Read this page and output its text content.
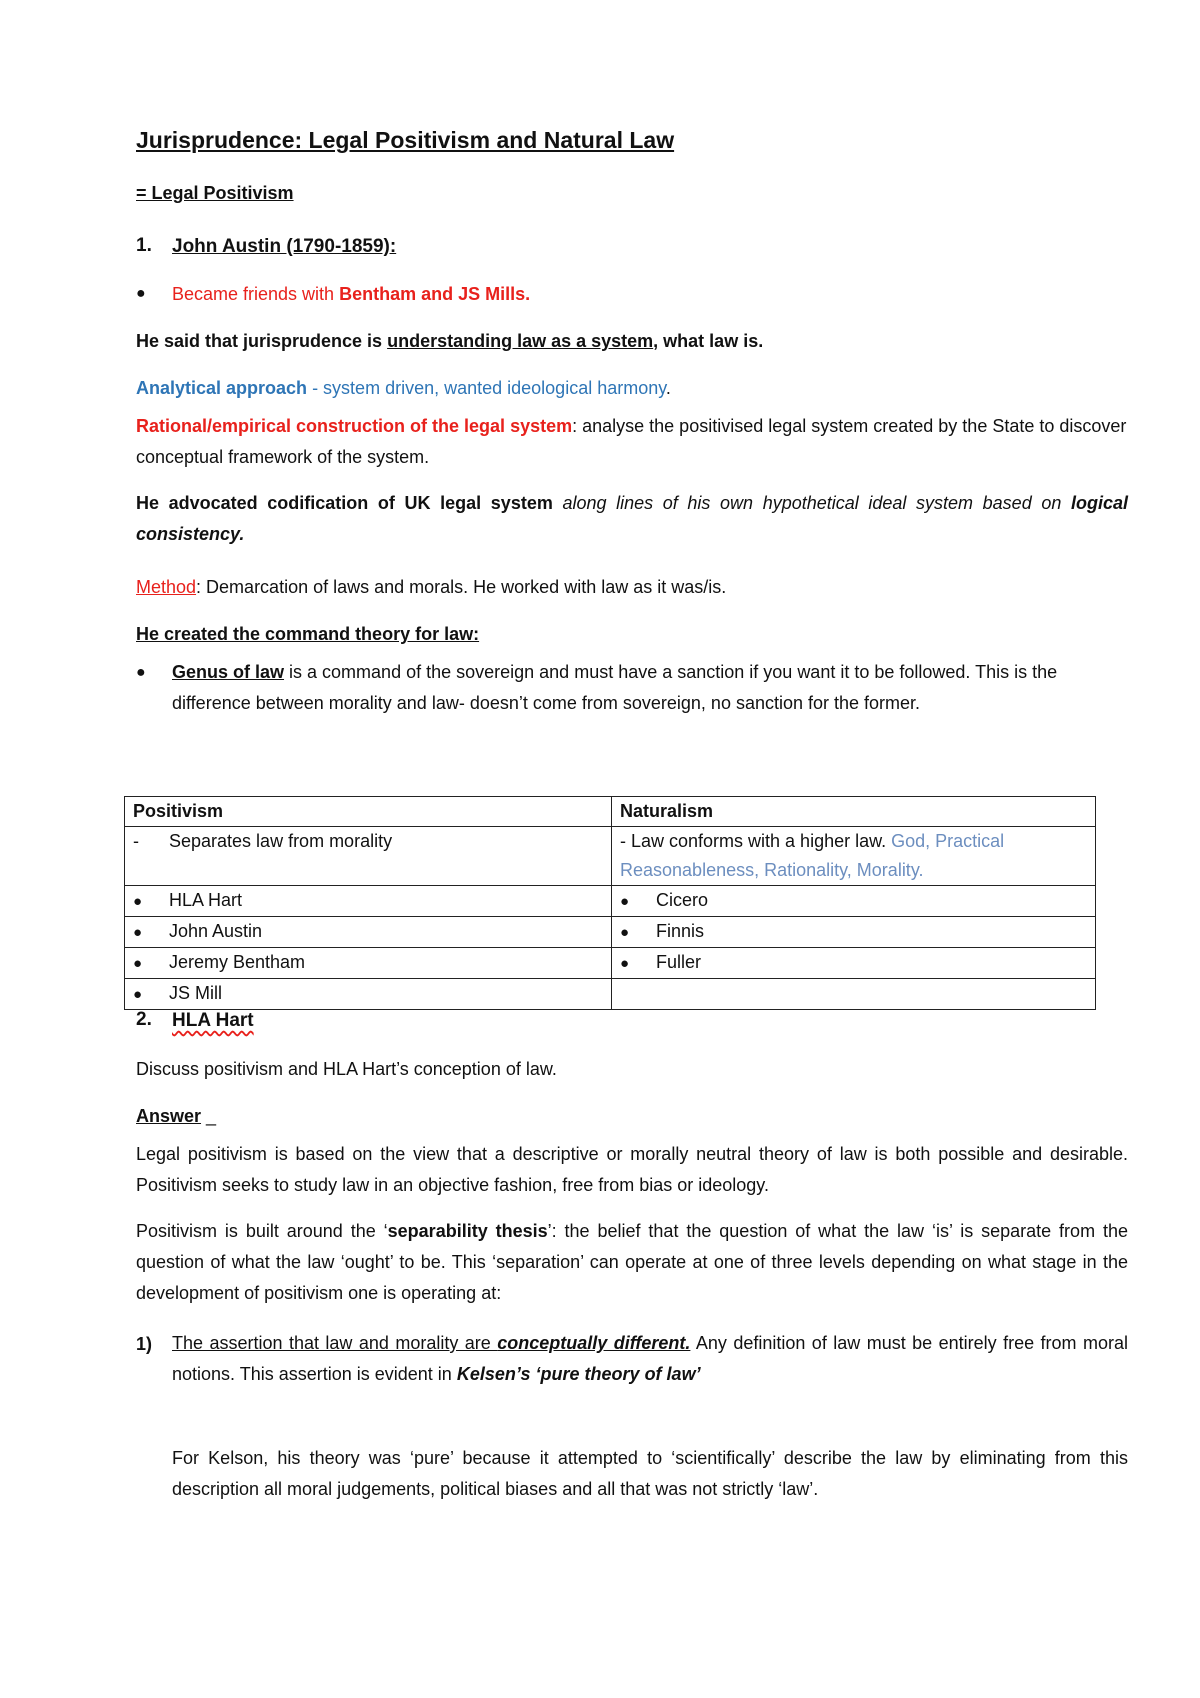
Jurisprudence: Legal Positivism and Natural Law
= Legal Positivism
1. John Austin (1790-1859):
● Became friends with Bentham and JS Mills.
He said that jurisprudence is understanding law as a system, what law is.
Analytical approach - system driven, wanted ideological harmony.
Rational/empirical construction of the legal system: analyse the positivised legal system created by the State to discover conceptual framework of the system.
He advocated codification of UK legal system along lines of his own hypothetical ideal system based on logical consistency.
Method: Demarcation of laws and morals. He worked with law as it was/is.
He created the command theory for law:
● Genus of law is a command of the sovereign and must have a sanction if you want it to be followed. This is the difference between morality and law- doesn’t come from sovereign, no sanction for the former.
Positivism	Naturalism
- Separates law from morality	- Law conforms with a higher law. God, Practical Reasonableness, Rationality, Morality.
● HLA Hart	● Cicero
● John Austin	● Finnis
● Jeremy Bentham	● Fuller
● JS Mill	
2. HLA Hart
Discuss positivism and HLA Hart’s conception of law.
Answer _
Legal positivism is based on the view that a descriptive or morally neutral theory of law is both possible and desirable. Positivism seeks to study law in an objective fashion, free from bias or ideology.
Positivism is built around the ‘separability thesis’: the belief that the question of what the law ‘is’ is separate from the question of what the law ‘ought’ to be. This ‘separation’ can operate at one of three levels depending on what stage in the development of positivism one is operating at:
1) The assertion that law and morality are conceptually different. Any definition of law must be entirely free from moral notions. This assertion is evident in Kelsen’s ‘pure theory of law’
For Kelson, his theory was ‘pure’ because it attempted to ‘scientifically’ describe the law by eliminating from this description all moral judgements, political biases and all that was not strictly ‘law’.
